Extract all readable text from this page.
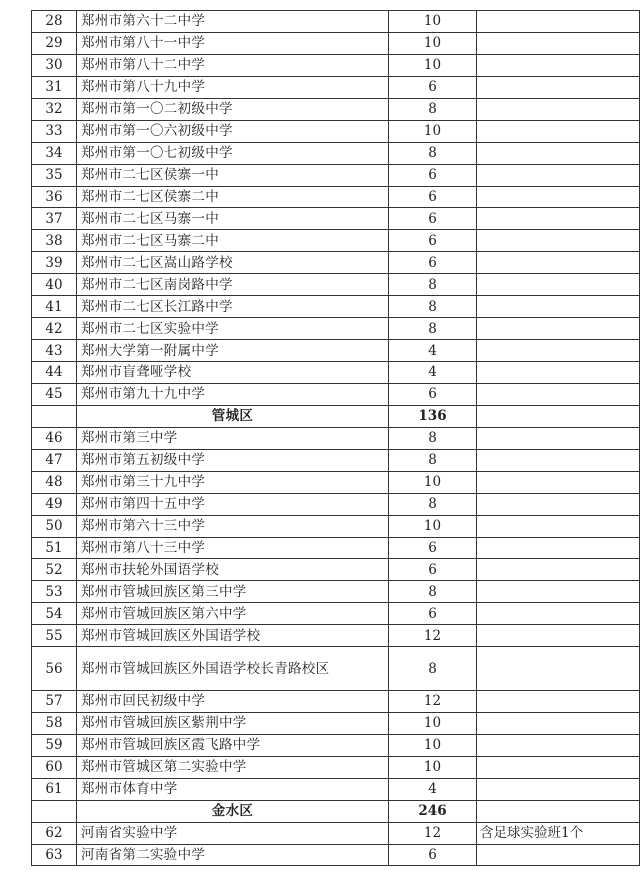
28	郑州市第六十二中学	10	
29	郑州市第八十一中学	10	
30	郑州市第八十二中学	10	
31	郑州市第八十九中学	6	
32	郑州市第一〇二初级中学	8	
33	郑州市第一〇六初级中学	10	
34	郑州市第一〇七初级中学	8	
35	郑州市二七区侯寨一中	6	
36	郑州市二七区侯寨二中	6	
37	郑州市二七区马寨一中	6	
38	郑州市二七区马寨二中	6	
39	郑州市二七区嵩山路学校	6	
40	郑州市二七区南岗路中学	8	
41	郑州市二七区长江路中学	8	
42	郑州市二七区实验中学	8	
43	郑州大学第一附属中学	4	
44	郑州市盲聋哑学校	4	
45	郑州市第九十九中学	6	
	管城区	136	
46	郑州市第三中学	8	
47	郑州市第五初级中学	8	
48	郑州市第三十九中学	10	
49	郑州市第四十五中学	8	
50	郑州市第六十三中学	10	
51	郑州市第八十三中学	6	
52	郑州市扶轮外国语学校	6	
53	郑州市管城回族区第三中学	8	
54	郑州市管城回族区第六中学	6	
55	郑州市管城回族区外国语学校	12	
56	郑州市管城回族区外国语学校长青路校区	8	
57	郑州市回民初级中学	12	
58	郑州市管城回族区紫荆中学	10	
59	郑州市管城回族区霞飞路中学	10	
60	郑州市管城区第二实验中学	10	
61	郑州市体育中学	4	
	金水区	246	
62	河南省实验中学	12	含足球实验班1个
63	河南省第二实验中学	6	
